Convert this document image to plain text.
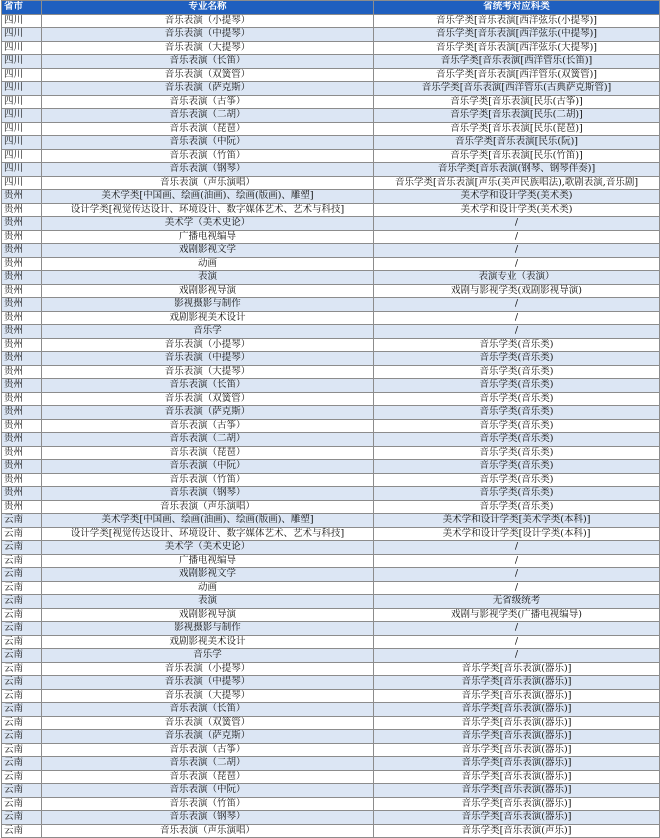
省市	专业名称	省统考对应科类
四川	音乐表演（小提琴）	音乐学类[音乐表演[西洋弦乐(小提琴)]
四川	音乐表演（中提琴）	音乐学类[音乐表演[西洋弦乐(中提琴)]
四川	音乐表演（大提琴）	音乐学类[音乐表演[西洋弦乐(大提琴)]
四川	音乐表演（长笛）	音乐学类[音乐表演[西洋管乐(长笛)]
四川	音乐表演（双簧管）	音乐学类[音乐表演[西洋管乐(双簧管)]
四川	音乐表演（萨克斯）	音乐学类[音乐表演[西洋管乐(古典萨克斯管)]
四川	音乐表演（古筝）	音乐学类[音乐表演[民乐(古筝)]
四川	音乐表演（二胡）	音乐学类[音乐表演[民乐(二胡)]
四川	音乐表演（琵琶）	音乐学类[音乐表演[民乐(琵琶)]
四川	音乐表演（中阮）	音乐学类[音乐表演[民乐(阮)]
四川	音乐表演（竹笛）	音乐学类[音乐表演[民乐(竹笛)]
四川	音乐表演（钢琴）	音乐学类[音乐表演(钢琴、钢琴伴奏)]
四川	音乐表演（声乐演唱）	音乐学类[音乐表演[声乐(美声民族唱法),歌剧表演,音乐剧]
贵州	美术学类[中国画、绘画(油画)、绘画(版画)、雕塑]	美术学和设计学类(美术类)
贵州	设计学类[视觉传达设计、环境设计、数字媒体艺术、艺术与科技]	美术学和设计学类(美术类)
贵州	美术学（美术史论）	/
贵州	广播电视编导	/
贵州	戏剧影视文学	/
贵州	动画	/
贵州	表演	表演专业（表演）
贵州	戏剧影视导演	戏剧与影视学类(戏剧影视导演)
贵州	影视摄影与制作	/
贵州	戏剧影视美术设计	/
贵州	音乐学	/
贵州	音乐表演（小提琴）	音乐学类(音乐类)
贵州	音乐表演（中提琴）	音乐学类(音乐类)
贵州	音乐表演（大提琴）	音乐学类(音乐类)
贵州	音乐表演（长笛）	音乐学类(音乐类)
贵州	音乐表演（双簧管）	音乐学类(音乐类)
贵州	音乐表演（萨克斯）	音乐学类(音乐类)
贵州	音乐表演（古筝）	音乐学类(音乐类)
贵州	音乐表演（二胡）	音乐学类(音乐类)
贵州	音乐表演（琵琶）	音乐学类(音乐类)
贵州	音乐表演（中阮）	音乐学类(音乐类)
贵州	音乐表演（竹笛）	音乐学类(音乐类)
贵州	音乐表演（钢琴）	音乐学类(音乐类)
贵州	音乐表演（声乐演唱）	音乐学类(音乐类)
云南	美术学类[中国画、绘画(油画)、绘画(版画)、雕塑]	美术学和设计学类[美术学类(本科)]
云南	设计学类[视觉传达设计、环境设计、数字媒体艺术、艺术与科技]	美术学和设计学类[设计学类(本科)]
云南	美术学（美术史论）	/
云南	广播电视编导	/
云南	戏剧影视文学	/
云南	动画	/
云南	表演	无省级统考
云南	戏剧影视导演	戏剧与影视学类(广播电视编导)
云南	影视摄影与制作	/
云南	戏剧影视美术设计	/
云南	音乐学	/
云南	音乐表演（小提琴）	音乐学类[音乐表演(器乐)]
云南	音乐表演（中提琴）	音乐学类[音乐表演(器乐)]
云南	音乐表演（大提琴）	音乐学类[音乐表演(器乐)]
云南	音乐表演（长笛）	音乐学类[音乐表演(器乐)]
云南	音乐表演（双簧管）	音乐学类[音乐表演(器乐)]
云南	音乐表演（萨克斯）	音乐学类[音乐表演(器乐)]
云南	音乐表演（古筝）	音乐学类[音乐表演(器乐)]
云南	音乐表演（二胡）	音乐学类[音乐表演(器乐)]
云南	音乐表演（琵琶）	音乐学类[音乐表演(器乐)]
云南	音乐表演（中阮）	音乐学类[音乐表演(器乐)]
云南	音乐表演（竹笛）	音乐学类[音乐表演(器乐)]
云南	音乐表演（钢琴）	音乐学类[音乐表演(器乐)]
云南	音乐表演（声乐演唱）	音乐学类[音乐表演(声乐)]
